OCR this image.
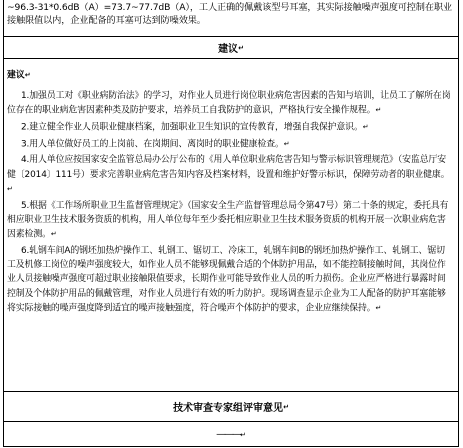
~96.3-31*0.6dB（A）=73.7~77.7dB（A），工人正确的佩戴该型号耳塞，其实际接触噪声强度可控制在职业接触限值以内，企业配备的耳塞可达到防噪效果。
建议 ↵
建议↵

1.加强员工对《职业病防治法》的学习，对作业人员进行岗位职业病危害因素的告知与培训，让员工了解所在岗位存在的职业病危害因素种类及防护要求，培养员工自我防护的意识，严格执行安全操作规程。↵

2.建立健全作业人员职业健康档案，加强职业卫生知识的宣传教育，增强自我保护意识。↵

3.用人单位做好员工的上岗前、在岗期间、离岗时的职业健康检查。↵

4.用人单位应按国家安全监管总局办公厅公布的《用人单位职业病危害告知与警示标识管理规范》（安监总厅安健〔2014〕111号）要求完善职业病危害告知内容及档案材料，设置和维护好警示标识，保障劳动者的职业健康。↵

5.根据《工作场所职业卫生监督管理规定》（国家安全生产监督管理总局令第47号）第二十条的规定，委托具有相应职业卫生技术服务资质的机构，用人单位每年至少委托相应职业卫生技术服务资质的机构开展一次职业病危害因素检测。↵

6.轧钢车间A的钢坯加热炉操作工、轧钢工、锯切工、冷床工，轧钢车间B的钢坯加热炉操作工、轧钢工、锯切工及机修工岗位的噪声强度较大，如作业人员不能够现佩戴合适的个体防护用品，如不能控制接触时间，其岗位作业人员接触噪声强度可超过职业接触限值要求，长期作业可能导致作业人员的听力损伤。企业应严格进行暴露时间控制及个体防护用品的佩戴管理，对作业人员进行有效的听力防护。现场调查显示企业为工人配备的防护耳塞能够将实际接触的噪声强度降到适宜的噪声接触强度，符合噪声个体防护的要求，企业应继续保持。↵

技术审查专家组评审意见 ↵
——— ↵
